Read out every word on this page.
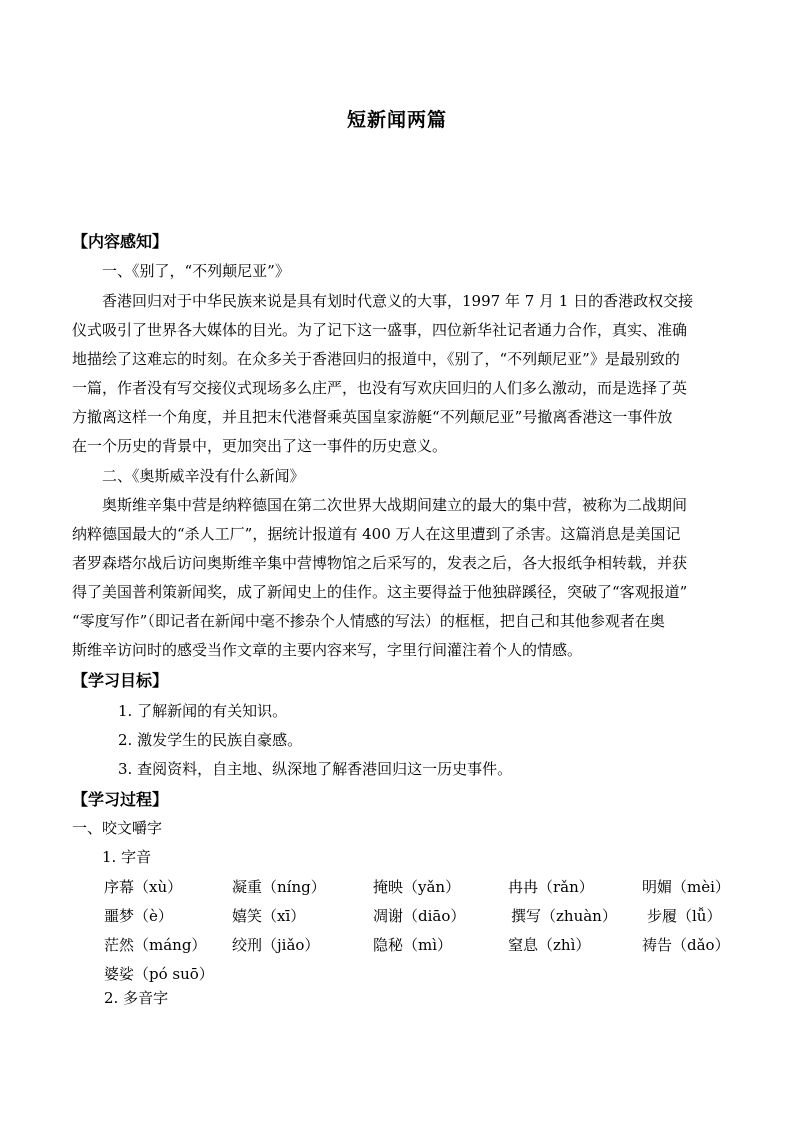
短新闻两篇
【内容感知】
一、《别了，“不列颠尼亚”》
香港回归对于中华民族来说是具有划时代意义的大事，1997 年 7 月 1 日的香港政权交接
仪式吸引了世界各大媒体的目光。为了记下这一盛事，四位新华社记者通力合作，真实、准确
地描绘了这难忘的时刻。在众多关于香港回归的报道中，《别了，“不列颠尼亚”》是最别致的
一篇，作者没有写交接仪式现场多么庄严，也没有写欢庆回归的人们多么激动，而是选择了英
方撤离这样一个角度，并且把末代港督乘英国皇家游艇“不列颠尼亚”号撤离香港这一事件放
在一个历史的背景中，更加突出了这一事件的历史意义。
二、《奥斯威辛没有什么新闻》
奥斯维辛集中营是纳粹德国在第二次世界大战期间建立的最大的集中营，被称为二战期间
纳粹德国最大的“杀人工厂”，据统计报道有 400 万人在这里遭到了杀害。这篇消息是美国记
者罗森塔尔战后访问奥斯维辛集中营博物馆之后采写的，发表之后，各大报纸争相转载，并获
得了美国普利策新闻奖，成了新闻史上的佳作。这主要得益于他独辟蹊径，突破了“客观报道”
“零度写作”（即记者在新闻中毫不掺杂个人情感的写法）的框框，把自己和其他参观者在奥
斯维辛访问时的感受当作文章的主要内容来写，字里行间灌注着个人的情感。
【学习目标】
1. 了解新闻的有关知识。
2. 激发学生的民族自豪感。
3. 查阅资料，自主地、纵深地了解香港回归这一历史事件。
【学习过程】
一、咬文嚼字
1. 字音
序幕（xù）	凝重（níng）	掩映（yǎn）	冉冉（rǎn）	明媚（mèi）
噩梦（è）	嬉笑（xī）	凋谢（diāo）	撰写（zhuàn） 步履（lǚ）
茫然（máng） 绞刑（jiǎo）	隐秘（mì）	窒息（zhì）	祷告（dǎo）
婆娑（pó suō）
2. 多音字
